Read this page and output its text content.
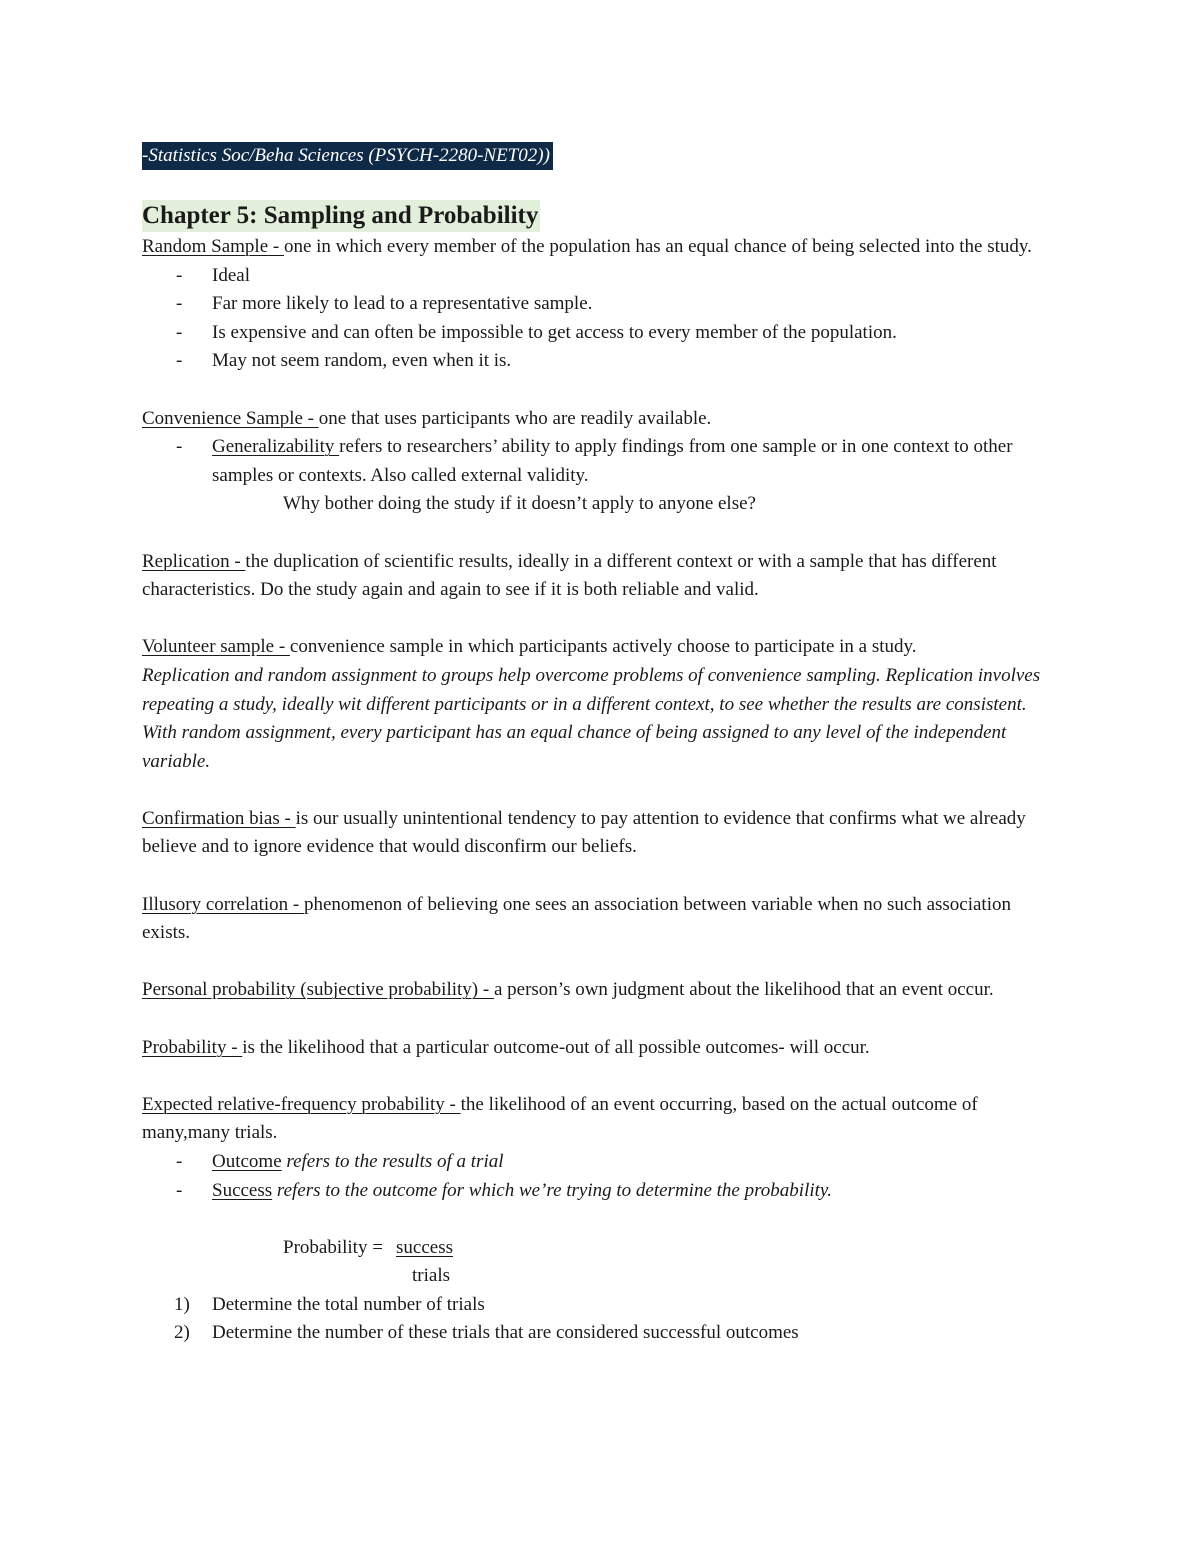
-Statistics Soc/Beha Sciences (PSYCH-2280-NET02))
Chapter 5: Sampling and Probability

Random Sample - one in which every member of the population has an equal chance of being selected into the study.

- Ideal
- Far more likely to lead to a representative sample.
- Is expensive and can often be impossible to get access to every member of the population.
- May not seem random, even when it is.

Convenience Sample - one that uses participants who are readily available.

- Generalizability refers to researchers’ ability to apply findings from one sample or in one context to other samples or contexts. Also called external validity.

Why bother doing the study if it doesn’t apply to anyone else?

Replication - the duplication of scientific results, ideally in a different context or with a sample that has different characteristics. Do the study again and again to see if it is both reliable and valid.

Volunteer sample - convenience sample in which participants actively choose to participate in a study.

Replication and random assignment to groups help overcome problems of convenience sampling. Replication involves repeating a study, ideally wit different participants or in a different context, to see whether the results are consistent. With random assignment, every participant has an equal chance of being assigned to any level of the independent variable.

Confirmation bias - is our usually unintentional tendency to pay attention to evidence that confirms what we already believe and to ignore evidence that would disconfirm our beliefs.

Illusory correlation - phenomenon of believing one sees an association between variable when no such association exists.

Personal probability (subjective probability) - a person’s own judgment about the likelihood that an event occur.

Probability - is the likelihood that a particular outcome-out of all possible outcomes- will occur.

Expected relative-frequency probability - the likelihood of an event occurring, based on the actual outcome of many,many trials.

- Outcome refers to the results of a trial
- Success refers to the outcome for which we’re trying to determine the probability.
Probability = success
trials
1) Determine the total number of trials
2) Determine the number of these trials that are considered successful outcomes
